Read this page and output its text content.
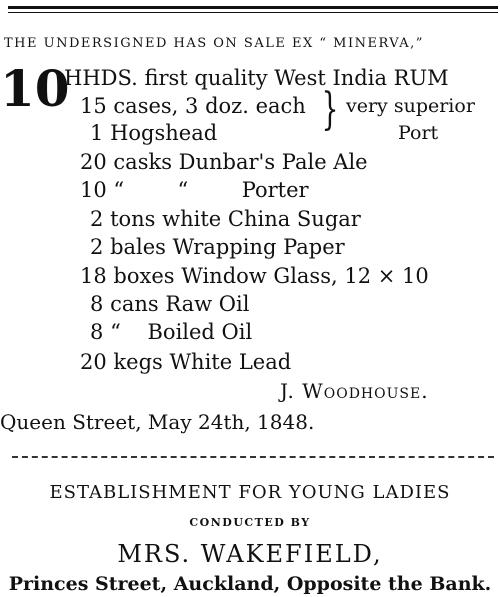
THE UNDERSIGNED HAS ON SALE EX “ MINERVA,”
10
HHDS. first quality West India RUM
15 cases, 3 doz. each
1 Hogshead } very superior
Port
20 casks Dunbar's Pale Ale
10 “        “        Porter
2 tons white China Sugar
2 bales Wrapping Paper
18 boxes Window Glass, 12 × 10
8 cans Raw Oil
8 “    Boiled Oil
20 kegs White Lead
J. Woodhouse.
Queen Street, May 24th, 1848.
ESTABLISHMENT FOR YOUNG LADIES
CONDUCTED BY
MRS. WAKEFIELD,
Princes Street, Auckland, Opposite the Bank.
